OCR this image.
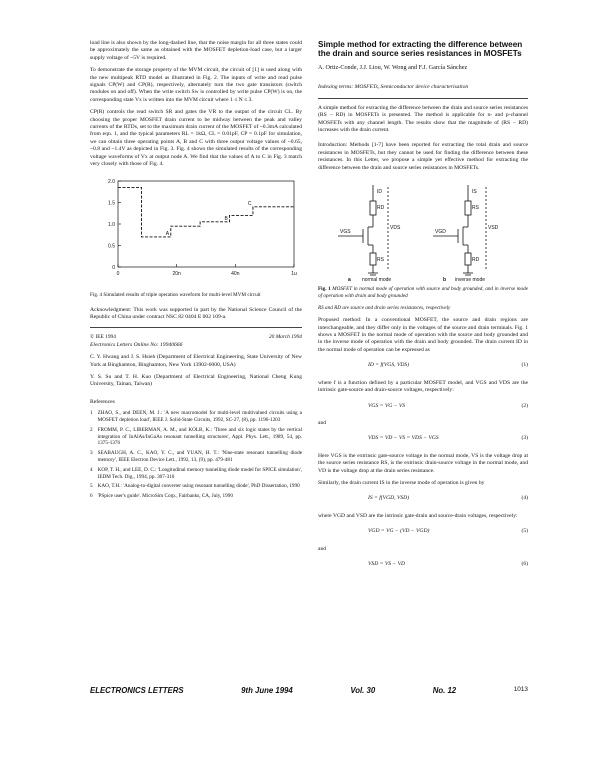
load line is also shown by the long-dashed line, that the noise margin for all three states could be approximately the same as obtained with the MOSFET depletion-load case, but a larger supply voltage of ~5V is required.

To demonstrate the storage property of the MVM circuit, the circuit of [1] is used along with the new multipeak RTD model as illustrated in Fig. 2. The inputs of write and read pulse signals CP(W) and CP(R), respectively, alternately turn the two gate transistors (switch modules on and off). When the write switch Sw is controlled by write pulse CP(W) is on, the corresponding state Vx is written into the MVM circuit where 1 ≤ N ≤ 3.

CP(R) controls the read switch SR and gates the VR to the output of the circuit CL. By choosing the proper MOSFET drain current to be midway between the peak and valley currents of the RTDs, set to the maximum drain current of the MOSFET of ~0.3mA calculated from eqn. 1, and the typical parameters RL = 1kΩ, CL = 0.01pF, CP = 0.1pF for simulation, we can obtain three operating points A, B and C with three output voltage values of ~0.65, ~0.8 and ~1.4V as depicted in Fig. 3. Fig. 4 shows the simulated results of the corresponding voltage waveforms of Vx at output node A. We find that the values of A to C in Fig. 3 match very closely with those of Fig. 4.

2.0
1.5
1.0
0.5
0
0	20n	40n	1u
A
B
C

Fig. 4 Simulated results of triple operation waveform for multi-level MVM circuit

Acknowledgment: This work was supported in part by the National Science Council of the Republic of China under contract NSC 82 0404 E 002 109-a.

© IEE 1994	20 March 1994

Electronics Letters Online No: 19940666

C. Y. Hwang and J. S. Hsieh (Department of Electrical Engineering, State University of New York at Binghamton, Binghamton, New York 13902-6000, USA)

Y. S. Su and T. H. Kuo (Department of Electrical Engineering, National Cheng Kung University, Tainan, Taiwan)

References
1 ZHAO, S., and DEEN, M. J.: 'A new macromodel for multi-level multivalued circuits using a MOSFET depletion load', IEEE J. Solid-State Circuits, 1992, SC-27, (8), pp. 1196-1203
2 FROMM, P. C., LIBERMAN, A. M., and KOLB, K.: 'Three and six logic states by the vertical integration of InAlAs/InGaAs resonant tunnelling structures', Appl. Phys. Lett., 1989, 54, pp. 1375-1376
3 SEABAUGH, A. C., KAO, Y. C., and YUAN, H. T.: 'Nine-state resonant tunnelling diode memory', IEEE Electron Device Lett., 1992, 13, (9), pp. 479-481
4 KOP, T. H., and LEE, D. C.: 'Longitudinal memory tunnelling diode model for SPICE simulation', IEDM Tech. Dig., 1994, pp. 307-310
5 KAO, T.H.: 'Analog-to-digital converter using resonant tunnelling diode', PhD Dissertation, 1990
6 'PSpice user's guide'. MicroSim Corp., Fairbanks, CA, July, 1990
Simple method for extracting the difference between the drain and source series resistances in MOSFETs
A. Ortiz-Conde, J.J. Liou, W. Wong and F.J. García Sánchez
Indexing terms: MOSFETs, Semiconductor device characterisation

A simple method for extracting the difference between the drain and source series resistances (RS − RD) in MOSFETs is presented. The method is applicable for n- and p-channel MOSFETs with any channel length. The results show that the magnitude of (RS − RD) increases with the drain current.

Introduction: Methods [1-7] have been reported for extracting the total drain and source resistances in MOSFETs, but they cannot be used for finding the difference between these resistances. In this Letter, we propose a simple yet effective method for extracting the difference between the drain and source series resistances in MOSFETs.

RD
RS
VDS
VGS
ID
RS
RD
VSD
VGD
IS
a normal mode	b inverse mode

Fig. 1 MOSFET in normal mode of operation with source and body grounded, and in inverse mode of operation with drain and body grounded

RS and RD are source and drain series resistances, respectively

Proposed method: In a conventional MOSFET, the source and drain regions are interchangeable, and they differ only in the voltages of the source and drain terminals. Fig. 1 shows a MOSFET in the normal mode of operation with the source and body grounded and in the inverse mode of operation with the drain and body grounded. The drain current ID in the normal mode of operation can be expressed as

ID = f(VGS, VDS)	(1)

where f is a function defined by a particular MOSFET model, and VGS and VDS are the intrinsic gate-source and drain-source voltages, respectively:

VGS = VG − VS	(2)

and

VDS = VD − VS = VDS − VGS	(3)

Here VGS is the extrinsic gate-source voltage in the normal mode, VS is the voltage drop at the source series resistance RS, is the extrinsic drain-source voltage in the normal mode, and VD is the voltage drop at the drain series resistance.

Similarly, the drain current IS in the inverse mode of operation is given by

IS = f(VGD, VSD)	(4)

where VGD and VSD are the intrinsic gate-drain and source-drain voltages, respectively:

VGD = VG − (VD − VGD)	(5)

and

VSD = VS − VD	(6)
ELECTRONICS LETTERS	9th June 1994	Vol. 30	No. 12	1013
